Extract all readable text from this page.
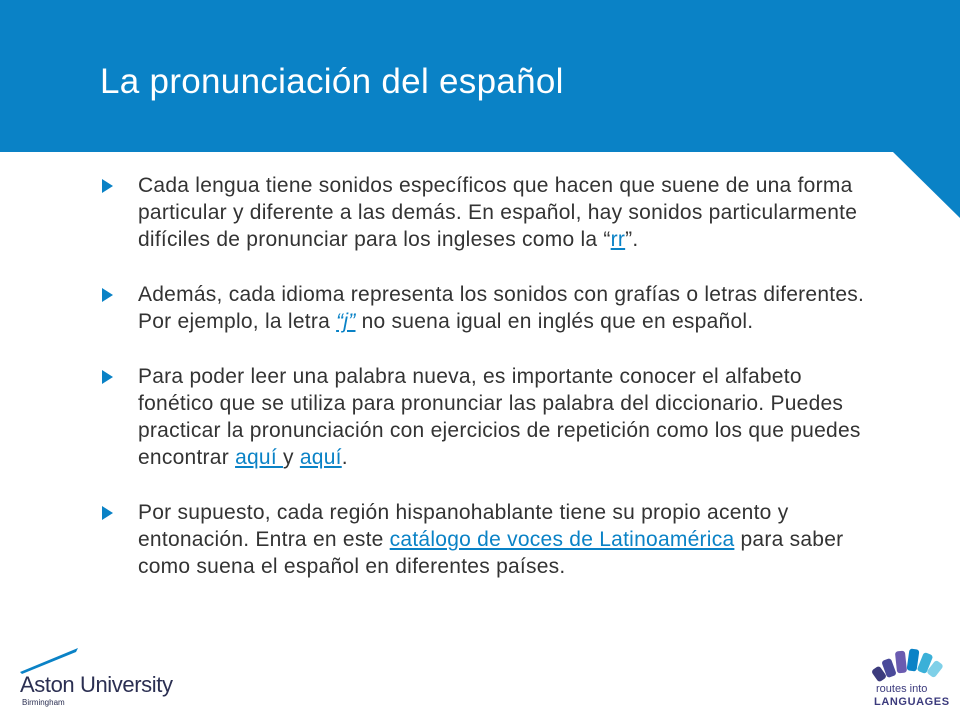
La pronunciación del español
Cada lengua tiene sonidos específicos que hacen que suene de una forma particular y diferente a las demás. En español, hay sonidos particularmente difíciles de pronunciar para los ingleses como la “rr”.
Además, cada idioma representa los sonidos con grafías o letras diferentes. Por ejemplo, la letra “j” no suena igual en inglés que en español.
Para poder leer una palabra nueva, es importante conocer el alfabeto fonético que se utiliza para pronunciar las palabra del diccionario. Puedes practicar la pronunciación con ejercicios de repetición como los que puedes encontrar aquí y aquí.
Por supuesto, cada región hispanohablante tiene su propio acento y entonación. Entra en este catálogo de voces de Latinoamérica para saber como suena el español en diferentes países.
Aston University
Birmingham
routes into
LANGUAGES
